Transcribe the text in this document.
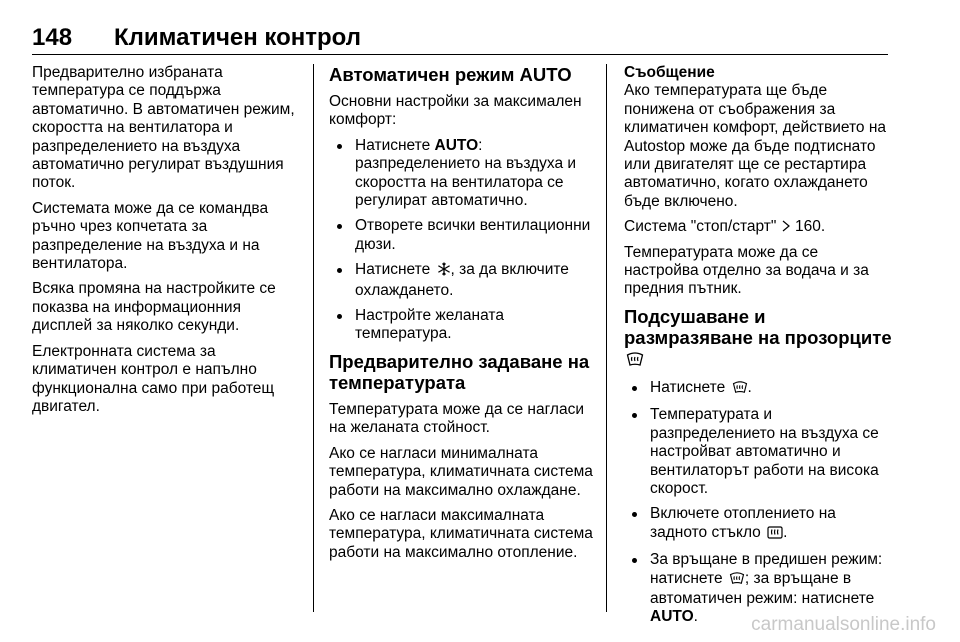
148	Климатичен контрол

Предварително избраната температура се поддържа автоматично. В автоматичен режим, скоростта на вентилатора и разпределението на въздуха автоматично регулират въздушния поток.

Системата може да се командва ръчно чрез копчетата за разпределение на въздуха и на вентилатора.

Всяка промяна на настройките се показва на информационния дисплей за няколко секунди.

Електронната система за климатичен контрол е напълно функционална само при работещ двигател.

Автоматичен режим AUTO

Основни настройки за максимален комфорт:

Натиснете AUTO: разпределението на въздуха и скоростта на вентилатора се регулират автоматично.
Отворете всички вентилационни дюзи.
Натиснете , за да включите охлаждането.
Настройте желаната температура.
Предварително задаване на температурата

Температурата може да се нагласи на желаната стойност.

Ако се нагласи минималната температура, климатичната система работи на максимално охлаждане.

Ако се нагласи максималната температура, климатичната система работи на максимално отопление.

Съобщение

Ако температурата ще бъде понижена от съображения за климатичен комфорт, действието на Autostop може да бъде подтиснато или двигателят ще се рестартира автоматично, когато охлаждането бъде включено.

Система "стоп/старт" 160.

Температурата може да се настройва отделно за водача и за предния пътник.

Подсушаване и размразяване на прозорците
Натиснете .
Температурата и разпределението на въздуха се настройват автоматично и вентилаторът работи на висока скорост.
Включете отоплението на задното стъкло .
За връщане в предишен режим: натиснете ; за връщане в автоматичен режим: натиснете AUTO.	carmanualsonline.info
